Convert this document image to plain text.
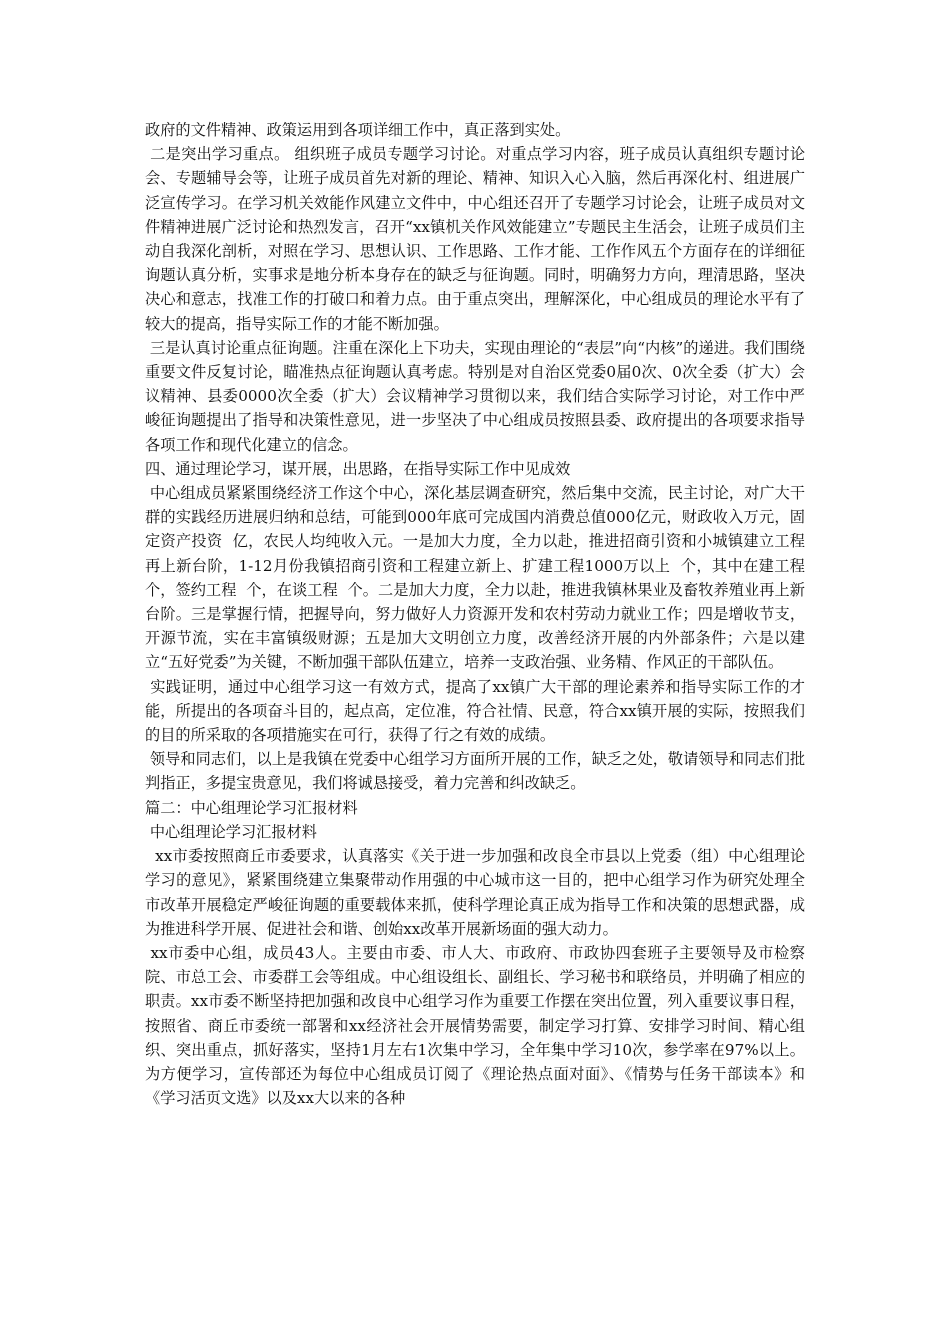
政府的文件精神、政策运用到各项详细工作中，真正落到实处。

二是突出学习重点。 组织班子成员专题学习讨论。对重点学习内容，班子成员认真组织专题讨论会、专题辅导会等，让班子成员首先对新的理论、精神、知识入心入脑，然后再深化村、组进展广泛宣传学习。在学习机关效能作风建立文件中，中心组还召开了专题学习讨论会，让班子成员对文件精神进展广泛讨论和热烈发言，召开“xx镇机关作风效能建立”专题民主生活会，让班子成员们主动自我深化剖析，对照在学习、思想认识、工作思路、工作才能、工作作风五个方面存在的详细征询题认真分析，实事求是地分析本身存在的缺乏与征询题。同时，明确努力方向，理清思路，坚决决心和意志，找准工作的打破口和着力点。由于重点突出，理解深化，中心组成员的理论水平有了较大的提高，指导实际工作的才能不断加强。

三是认真讨论重点征询题。注重在深化上下功夫，实现由理论的“表层”向“内核”的递进。我们围绕重要文件反复讨论，瞄准热点征询题认真考虑。特别是对自治区党委0届0次、0次全委（扩大）会议精神、县委0000次全委（扩大）会议精神学习贯彻以来，我们结合实际学习讨论，对工作中严峻征询题提出了指导和决策性意见，进一步坚决了中心组成员按照县委、政府提出的各项要求指导各项工作和现代化建立的信念。

四、通过理论学习，谋开展，出思路，在指导实际工作中见成效

中心组成员紧紧围绕经济工作这个中心，深化基层调查研究，然后集中交流，民主讨论，对广大干群的实践经历进展归纳和总结，可能到000年底可完成国内消费总值000亿元，财政收入万元，固定资产投资  亿，农民人均纯收入元。一是加大力度，全力以赴，推进招商引资和小城镇建立工程再上新台阶，1-12月份我镇招商引资和工程建立新上、扩建工程1000万以上  个，其中在建工程  个，签约工程  个，在谈工程  个。二是加大力度，全力以赴，推进我镇林果业及畜牧养殖业再上新台阶。三是掌握行情，把握导向，努力做好人力资源开发和农村劳动力就业工作；四是增收节支，开源节流，实在丰富镇级财源；五是加大文明创立力度，改善经济开展的内外部条件；六是以建立“五好党委”为关键，不断加强干部队伍建立，培养一支政治强、业务精、作风正的干部队伍。

实践证明，通过中心组学习这一有效方式，提高了xx镇广大干部的理论素养和指导实际工作的才能，所提出的各项奋斗目的，起点高，定位准，符合社情、民意，符合xx镇开展的实际，按照我们的目的所采取的各项措施实在可行，获得了行之有效的成绩。

领导和同志们，以上是我镇在党委中心组学习方面所开展的工作，缺乏之处，敬请领导和同志们批判指正，多提宝贵意见，我们将诚恳接受，着力完善和纠改缺乏。

篇二：中心组理论学习汇报材料

中心组理论学习汇报材料

xx市委按照商丘市委要求，认真落实《关于进一步加强和改良全市县以上党委（组）中心组理论学习的意见》，紧紧围绕建立集聚带动作用强的中心城市这一目的，把中心组学习作为研究处理全市改革开展稳定严峻征询题的重要载体来抓，使科学理论真正成为指导工作和决策的思想武器，成为推进科学开展、促进社会和谐、创始xx改革开展新场面的强大动力。

xx市委中心组，成员43人。主要由市委、市人大、市政府、市政协四套班子主要领导及市检察院、市总工会、市委群工会等组成。中心组设组长、副组长、学习秘书和联络员，并明确了相应的职责。xx市委不断坚持把加强和改良中心组学习作为重要工作摆在突出位置，列入重要议事日程，按照省、商丘市委统一部署和xx经济社会开展情势需要，制定学习打算、安排学习时间、精心组织、突出重点，抓好落实，坚持1月左右1次集中学习，全年集中学习10次，参学率在97%以上。为方便学习，宣传部还为每位中心组成员订阅了《理论热点面对面》、《情势与任务干部读本》和《学习活页文选》以及xx大以来的各种
